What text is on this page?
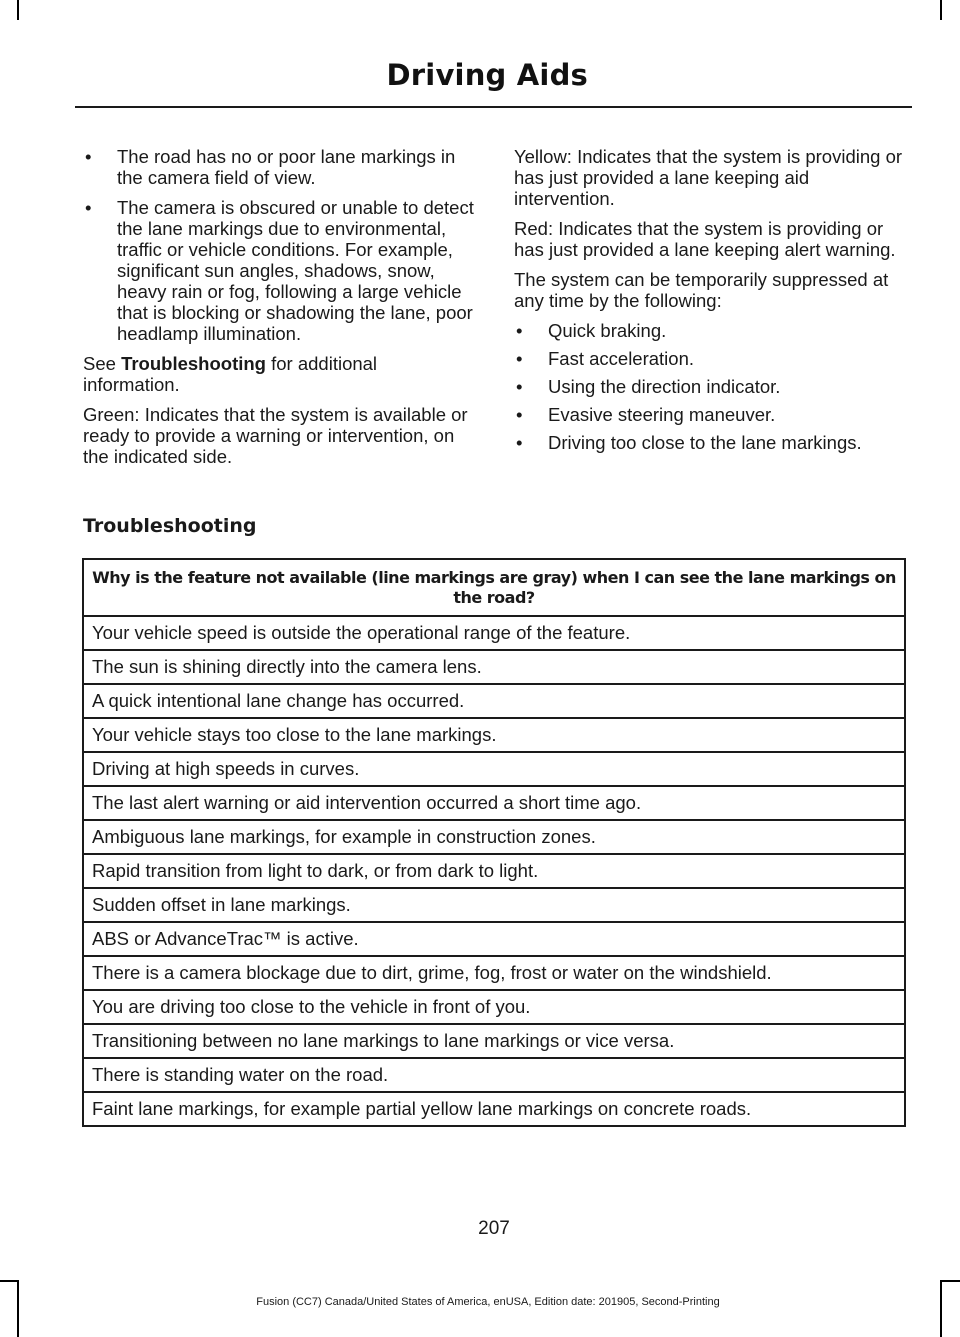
Driving Aids
• The road has no or poor lane markings in the camera field of view.
• The camera is obscured or unable to detect the lane markings due to environmental, traffic or vehicle conditions. For example, significant sun angles, shadows, snow, heavy rain or fog, following a large vehicle that is blocking or shadowing the lane, poor headlamp illumination.

See Troubleshooting for additional information.

Green: Indicates that the system is available or ready to provide a warning or intervention, on the indicated side.

Yellow: Indicates that the system is providing or has just provided a lane keeping aid intervention.

Red: Indicates that the system is providing or has just provided a lane keeping alert warning.

The system can be temporarily suppressed at any time by the following:

• Quick braking.
• Fast acceleration.
• Using the direction indicator.
• Evasive steering maneuver.
• Driving too close to the lane markings.
Troubleshooting
Why is the feature not available (line markings are gray) when I can see the lane markings on the road?
Your vehicle speed is outside the operational range of the feature.
The sun is shining directly into the camera lens.
A quick intentional lane change has occurred.
Your vehicle stays too close to the lane markings.
Driving at high speeds in curves.
The last alert warning or aid intervention occurred a short time ago.
Ambiguous lane markings, for example in construction zones.
Rapid transition from light to dark, or from dark to light.
Sudden offset in lane markings.
ABS or AdvanceTrac™ is active.
There is a camera blockage due to dirt, grime, fog, frost or water on the windshield.
You are driving too close to the vehicle in front of you.
Transitioning between no lane markings to lane markings or vice versa.
There is standing water on the road.
Faint lane markings, for example partial yellow lane markings on concrete roads.
207
Fusion (CC7) Canada/United States of America, enUSA, Edition date: 201905, Second-Printing
